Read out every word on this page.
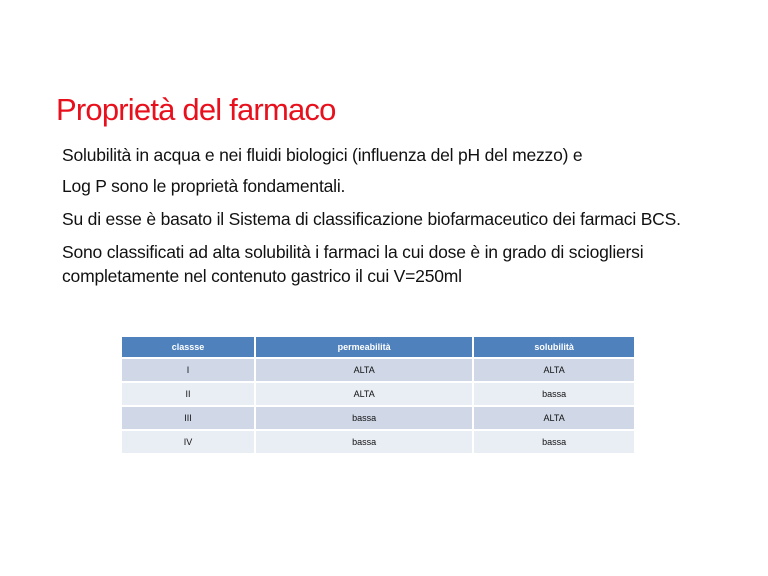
Proprietà del farmaco

Solubilità in acqua e nei fluidi biologici (influenza del pH del mezzo) e

Log P sono le proprietà fondamentali.

Su di esse è basato il Sistema di classificazione biofarmaceutico dei farmaci BCS.

Sono classificati ad alta solubilità i farmaci la cui dose è in grado di sciogliersi completamente nel contenuto gastrico il cui V=250ml

classse	permeabilità	solubilità
I	ALTA	ALTA
II	ALTA	bassa
III	bassa	ALTA
IV	bassa	bassa
